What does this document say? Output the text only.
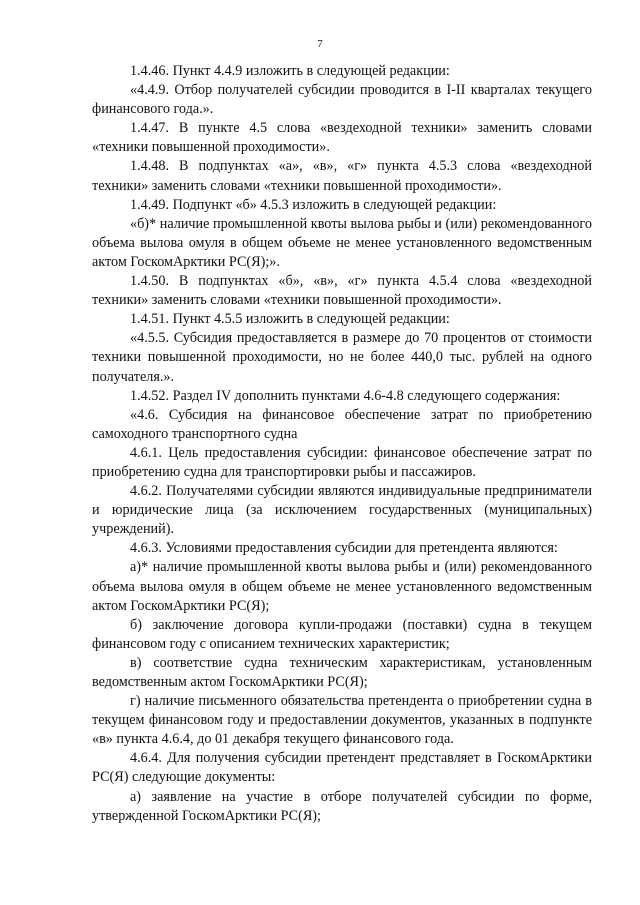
7

1.4.46. Пункт 4.4.9 изложить в следующей редакции:

«4.4.9. Отбор получателей субсидии проводится в I-II кварталах текущего финансового года.».

1.4.47. В пункте 4.5 слова «вездеходной техники» заменить словами «техники повышенной проходимости».

1.4.48. В подпунктах «а», «в», «г» пункта 4.5.3 слова «вездеходной техники» заменить словами «техники повышенной проходимости».

1.4.49. Подпункт «б» 4.5.3 изложить в следующей редакции:

«б)* наличие промышленной квоты вылова рыбы и (или) рекомендованного объема вылова омуля в общем объеме не менее установленного ведомственным актом ГоскомАрктики РС(Я);».

1.4.50. В подпунктах «б», «в», «г» пункта 4.5.4 слова «вездеходной техники» заменить словами «техники повышенной проходимости».

1.4.51. Пункт 4.5.5 изложить в следующей редакции:

«4.5.5. Субсидия предоставляется в размере до 70 процентов от стоимости техники повышенной проходимости, но не более 440,0 тыс. рублей на одного получателя.».

1.4.52. Раздел IV дополнить пунктами 4.6-4.8 следующего содержания:

«4.6. Субсидия на финансовое обеспечение затрат по приобретению самоходного транспортного судна

4.6.1. Цель предоставления субсидии: финансовое обеспечение затрат по приобретению судна для транспортировки рыбы и пассажиров.

4.6.2. Получателями субсидии являются индивидуальные предприниматели и юридические лица (за исключением государственных (муниципальных) учреждений).

4.6.3. Условиями предоставления субсидии для претендента являются:

а)* наличие промышленной квоты вылова рыбы и (или) рекомендованного объема вылова омуля в общем объеме не менее установленного ведомственным актом ГоскомАрктики РС(Я);

б) заключение договора купли-продажи (поставки) судна в текущем финансовом году с описанием технических характеристик;

в) соответствие судна техническим характеристикам, установленным ведомственным актом ГоскомАрктики РС(Я);

г) наличие письменного обязательства претендента о приобретении судна в текущем финансовом году и предоставлении документов, указанных в подпункте «в» пункта 4.6.4, до 01 декабря текущего финансового года.

4.6.4. Для получения субсидии претендент представляет в ГоскомАрктики РС(Я) следующие документы:

а) заявление на участие в отборе получателей субсидии по форме, утвержденной ГоскомАрктики РС(Я);
